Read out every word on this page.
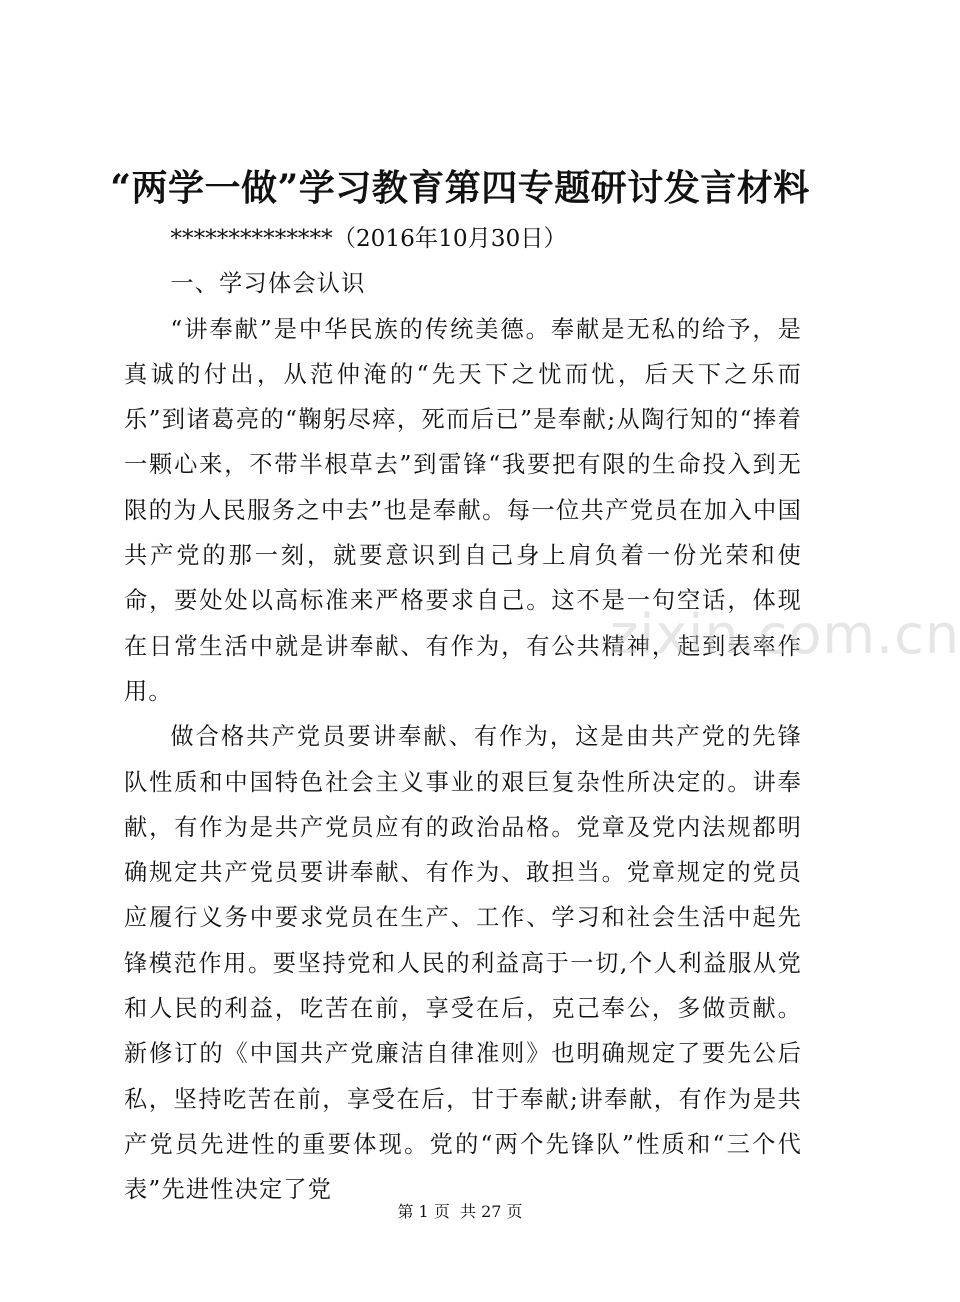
“两学一做”学习教育第四专题研讨发言材料

**************（2016年10月30日）

一、学习体会认识

“讲奉献”是中华民族的传统美德。奉献是无私的给予，是真诚的付出，从范仲淹的“先天下之忧而忧，后天下之乐而乐”到诸葛亮的“鞠躬尽瘁，死而后已”是奉献;从陶行知的“捧着一颗心来，不带半根草去”到雷锋“我要把有限的生命投入到无限的为人民服务之中去”也是奉献。每一位共产党员在加入中国共产党的那一刻，就要意识到自己身上肩负着一份光荣和使命，要处处以高标准来严格要求自己。这不是一句空话，体现在日常生活中就是讲奉献、有作为，有公共精神，起到表率作用。

做合格共产党员要讲奉献、有作为，这是由共产党的先锋队性质和中国特色社会主义事业的艰巨复杂性所决定的。讲奉献，有作为是共产党员应有的政治品格。党章及党内法规都明确规定共产党员要讲奉献、有作为、敢担当。党章规定的党员应履行义务中要求党员在生产、工作、学习和社会生活中起先锋模范作用。要坚持党和人民的利益高于一切,个人利益服从党和人民的利益，吃苦在前，享受在后，克己奉公，多做贡献。新修订的《中国共产党廉洁自律准则》也明确规定了要先公后私，坚持吃苦在前，享受在后，甘于奉献;讲奉献，有作为是共产党员先进性的重要体现。党的“两个先锋队”性质和“三个代表”先进性决定了党

zixin.com.cn
第 1 页  共 27 页
